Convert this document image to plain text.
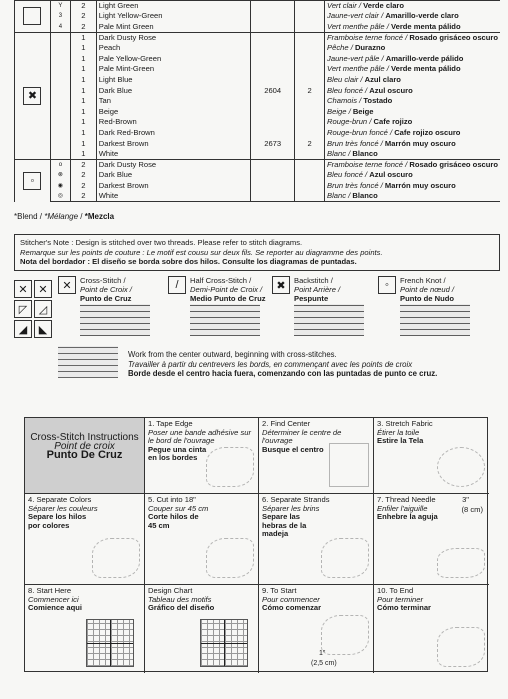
	Y	2	Light Green			Vert clair / Verde claro
	3	2	Light Yellow-Green			Jaune-vert clair / Amarillo-verde claro
	4	2	Pale Mint Green			Vert menthe pâle / Verde menta pálido

✖		1	Dark Dusty Rose			Framboise terne foncé / Rosado grisáceo oscuro
		1	Peach			Pêche / Durazno
		1	Pale Yellow-Green			Jaune-vert pâle / Amarillo-verde pálido
		1	Pale Mint-Green			Vert menthe pâle / Verde menta pálido
		1	Light Blue			Bleu clair / Azul claro
		1	Dark Blue	2604	2	Bleu foncé / Azul oscuro
		1	Tan			Chamois / Tostado
		1	Beige			Beige / Beige
		1	Red-Brown			Rouge-brun / Cafe rojizo
		1	Dark Red-Brown			Rouge-brun foncé / Cafe rojizo oscuro
		1	Darkest Brown	2673	2	Brun très foncé / Marrón muy oscuro
		1	White			Blanc / Blanco

◦	o	2	Dark Dusty Rose			Framboise terne foncé / Rosado grisáceo oscuro
	⊗	2	Dark Blue			Bleu foncé / Azul oscuro
	◉	2	Darkest Brown			Brun très foncé / Marrón muy oscuro
	◎	2	White			Blanc / Blanco
*Blend / *Mélange / *Mezcla
Stitcher's Note : Design is stitched over two threads. Please refer to stitch diagrams.
Remarque sur les points de couture : Le motif est cousu sur deux fils. Se reporter au diagramme des points.
Nota del bordador : El diseño se borda sobre dos hilos. Consulte los diagramas de puntadas.
✕ ✕
◸	◿
◢	◣
✕	Cross-Stitch /
Point de Croix /
Punto de Cruz
/	Half Cross-Stitch /
Demi-Point de Croix /
Medio Punto de Cruz
✖	Backstitch /
Point Arrière /
Pespunte
◦	French Knot /
Point de nœud /
Punto de Nudo
Work from the center outward, beginning with cross-stitches.
Travailler à partir du centrevers les bords, en commençant avec les points de croix
Borde desde el centro hacia fuera, comenzando con las puntadas de punto ce cruz.
Cross-Stitch Instructions
Point de croix
Punto De Cruz
1. Tape Edge
Poser une bande adhésive sur le bord de l'ouvrage
Pegue una cinta en los bordes
2. Find Center
Déterminer le centre de l'ouvrage
Busque el centro
3. Stretch Fabric
Étirer la toile
Estire la Tela
4. Separate Colors
Séparer les couleurs
Separe los hilos por colores
5. Cut into 18"
Couper sur 45 cm
Corte hilos de 45 cm
6. Separate Strands
Séparer les brins
Separe las hebras de la madeja
7. Thread Needle
Enfiler l'aiguille
Enhebre la aguja
3"
(8 cm)
8. Start Here
Commencer ici
Comience aqui
Design Chart
Tableau des motifs
Gráfico del diseño
9. To Start
Pour commencer
Cómo comenzar
1"
(2,5 cm)
10. To End
Pour terminer
Cómo terminar
